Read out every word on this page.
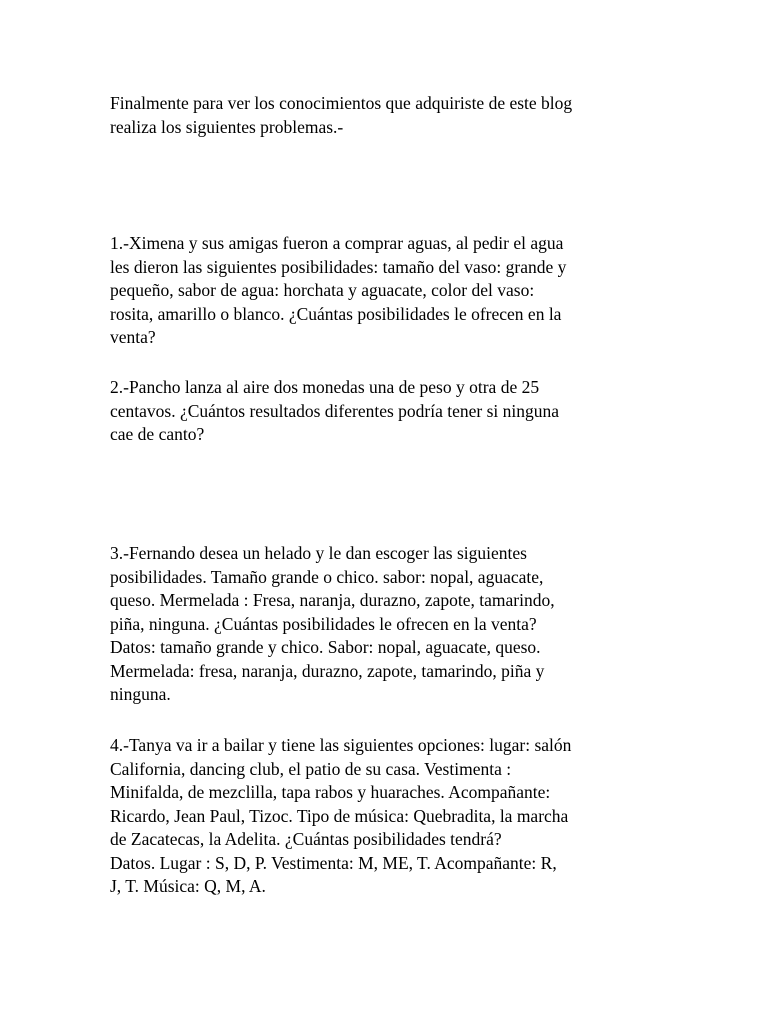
Finalmente para ver los conocimientos que adquiriste de este blog
realiza los siguientes problemas.-
1.-Ximena y sus amigas fueron a comprar aguas, al pedir el agua
les dieron las siguientes posibilidades: tamaño del vaso: grande y
pequeño, sabor de agua: horchata y aguacate, color del vaso:
rosita, amarillo o blanco. ¿Cuántas posibilidades le ofrecen en la
venta?
2.-Pancho lanza al aire dos monedas una de peso y otra de 25
centavos. ¿Cuántos resultados diferentes podría tener si ninguna
cae de canto?
3.-Fernando desea un helado y le dan escoger las siguientes
posibilidades. Tamaño grande o chico. sabor: nopal, aguacate,
queso. Mermelada : Fresa, naranja, durazno, zapote, tamarindo,
piña, ninguna. ¿Cuántas posibilidades le ofrecen en la venta?
Datos: tamaño grande y chico. Sabor: nopal, aguacate, queso.
Mermelada: fresa, naranja, durazno, zapote, tamarindo, piña y
ninguna.
4.-Tanya va ir a bailar y tiene las siguientes opciones: lugar: salón
California, dancing club, el patio de su casa. Vestimenta :
Minifalda, de mezclilla, tapa rabos y huaraches. Acompañante:
Ricardo, Jean Paul, Tizoc. Tipo de música: Quebradita, la marcha
de Zacatecas, la Adelita. ¿Cuántas posibilidades tendrá?
Datos. Lugar : S, D, P. Vestimenta: M, ME, T. Acompañante: R,
J, T. Música: Q, M, A.
